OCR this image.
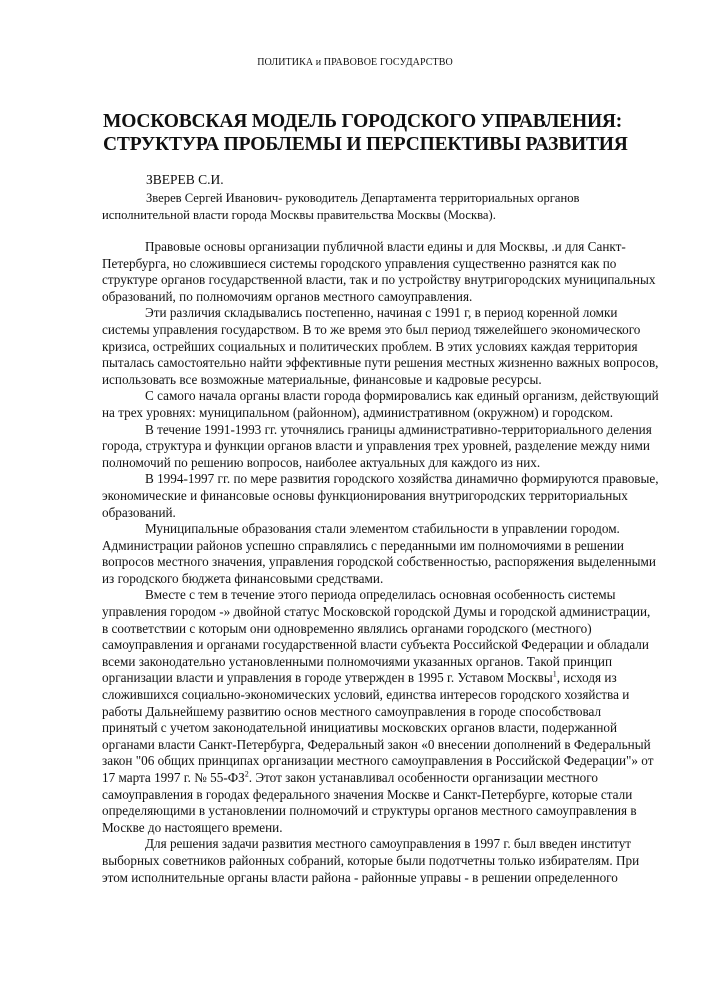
ПОЛИТИКА и ПРАВОВОЕ ГОСУДАРСТВО
МОСКОВСКАЯ МОДЕЛЬ ГОРОДСКОГО УПРАВЛЕНИЯ:
СТРУКТУРА ПРОБЛЕМЫ И ПЕРСПЕКТИВЫ РАЗВИТИЯ
ЗВЕРЕВ С.И.
Зверев Сергей Иванович- руководитель Департамента территориальных органов исполнительной власти города Москвы правительства Москвы (Москва).

Правовые основы организации публичной власти едины и для Москвы, .и для Санкт-Петербурга, но сложившиеся системы городского управления существенно разнятся как по структуре органов государственной власти, так и по устройству внутригородских муниципальных образований, по полномочиям органов местного самоуправления.

Эти различия складывались постепенно, начиная с 1991 г, в период коренной ломки системы управления государством. В то же время это был период тяжелейшего экономического кризиса, острейших социальных и политических проблем. В этих условиях каждая территория пыталась самостоятельно найти эффективные пути решения местных жизненно важных вопросов, использовать все возможные материальные, финансовые и кадровые ресурсы.

С самого начала органы власти города формировались как единый организм, действующий на трех уровнях: муниципальном (районном), административном (окружном) и городском.

В течение 1991-1993 гг. уточнялись границы административно-территориального деления города, структура и функции органов власти и управления трех уровней, разделение между ними полномочий по решению вопросов, наиболее актуальных для каждого из них.

В 1994-1997 гг. по мере развития городского хозяйства динамично формируются правовые, экономические и финансовые основы функционирования внутригородских территориальных образований.

Муниципальные образования стали элементом стабильности в управлении городом. Администрации районов успешно справлялись с переданными им полномочиями в решении вопросов местного значения, управления городской собственностью, распоряжения выделенными из городского бюджета финансовыми средствами.

Вместе с тем в течение этого периода определилась основная особенность системы управления городом -» двойной статус Московской городской Думы и городской администрации, в соответствии с которым они одновременно являлись органами городского (местного) самоуправления и органами государственной власти субъекта Российской Федерации и обладали всеми законодательно установленными полномочиями указанных органов. Такой принцип организации власти и управления в городе утвержден в 1995 г. Уставом Москвы$^1$, исходя из сложившихся социально-экономических условий, единства интересов городского хозяйства и работы Дальнейшему развитию основ местного самоуправления в городе способствовал принятый с учетом законодательной инициативы московских органов власти, подержанной органами власти Санкт-Петербурга, Федеральный закон «0 внесении дополнений в Федеральный закон "06 общих принципах организации местного самоуправления в Российской Федерации"» от 17 марта 1997 г. № $55-ФЗ^2$. Этот закон устанавливал особенности организации местного самоуправления в городах федерального значения Москве и Санкт-Петербурге, которые стали определяющими в установлении полномочий и структуры органов местного самоуправления в Москве до настоящего времени.

Для решения задачи развития местного самоуправления в 1997 г. был введен институт выборных советников районных собраний, которые были подотчетны только избирателям. При этом исполнительные органы власти района - районные управы - в решении определенного
